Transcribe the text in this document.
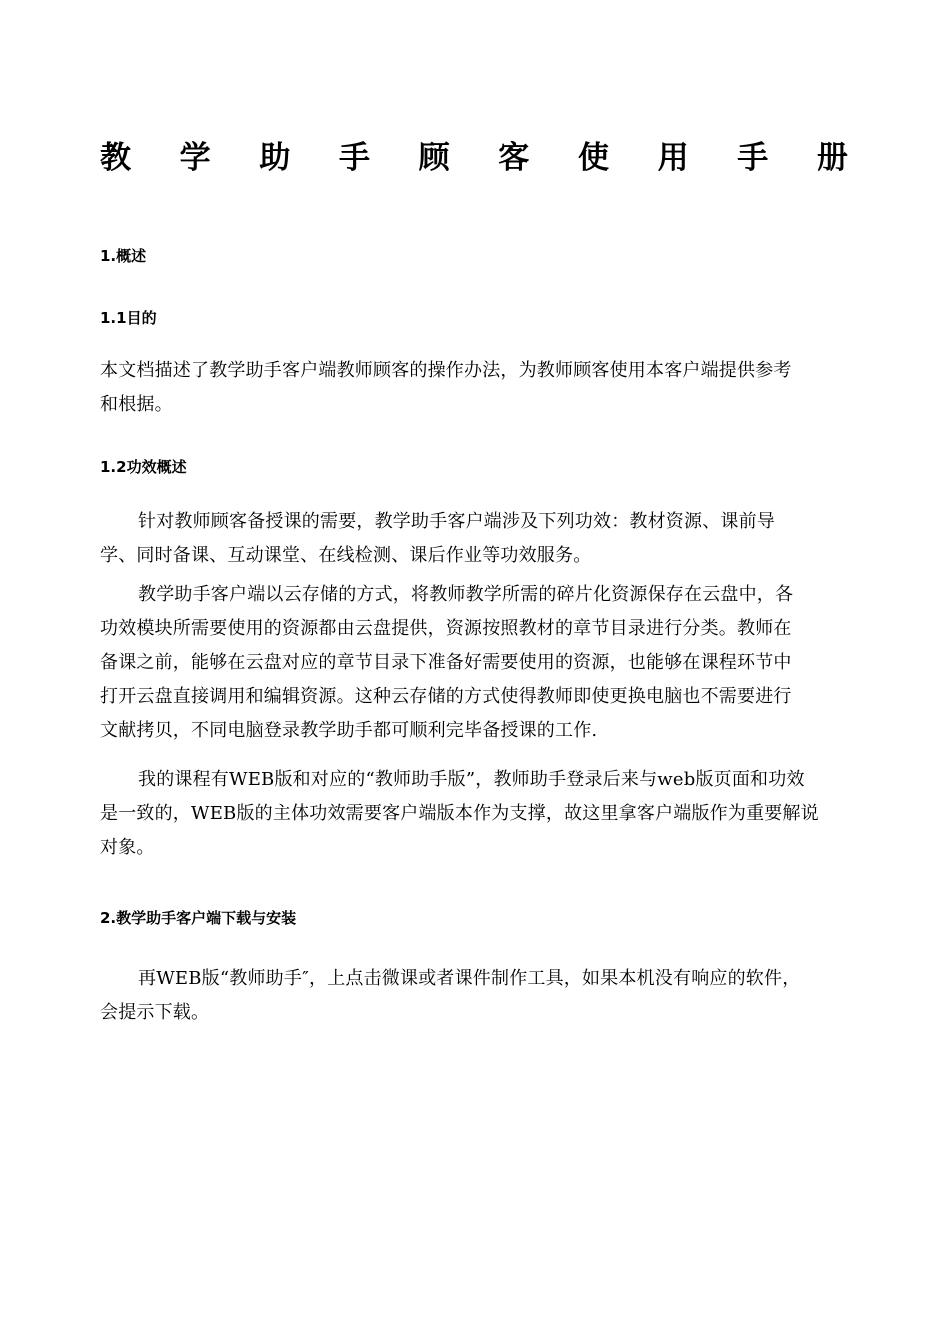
教 学 助 手 顾 客 使 用 手 册
1.概述
1.1目的
本文档描述了教学助手客户端教师顾客的操作办法，为教师顾客使用本客户端提供参考
和根据。
1.2功效概述
针对教师顾客备授课的需要，教学助手客户端涉及下列功效：教材资源、课前导
学、同时备课、互动课堂、在线检测、课后作业等功效服务。
教学助手客户端以云存储的方式，将教师教学所需的碎片化资源保存在云盘中，各
功效模块所需要使用的资源都由云盘提供，资源按照教材的章节目录进行分类。教师在
备课之前，能够在云盘对应的章节目录下准备好需要使用的资源，也能够在课程环节中
打开云盘直接调用和编辑资源。这种云存储的方式使得教师即使更换电脑也不需要进行
文献拷贝，不同电脑登录教学助手都可顺利完毕备授课的工作.
我的课程有WEB版和对应的“教师助手版”，教师助手登录后来与web版页面和功效
是一致的，WEB版的主体功效需要客户端版本作为支撑，故这里拿客户端版作为重要解说
对象。
2.教学助手客户端下载与安装
再WEB版“教师助手″，上点击微课或者课件制作工具，如果本机没有响应的软件，
会提示下载。
